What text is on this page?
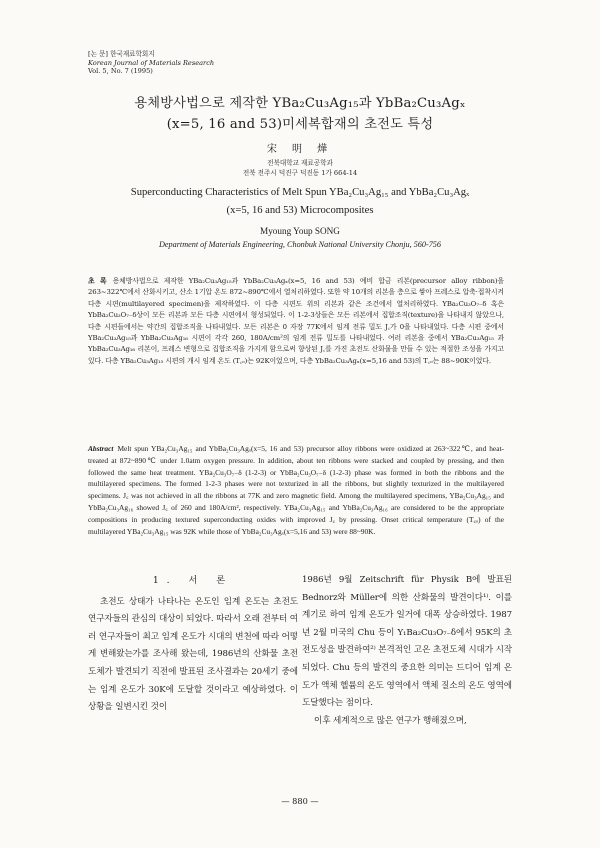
[논 문] 한국재료학회지
Korean Journal of Materials Research
Vol. 5, No. 7 (1995)
용체방사법으로 제작한 YBa₂Cu₃Ag₁₅과 YbBa₂Cu₃Agₓ
(x=5, 16 and 53)미세복합재의 초전도 특성
宋 明 燁
전북대학교 재료공학과
전북 전주시 덕진구 덕진동 1가 664-14
Superconducting Characteristics of Melt Spun YBa₂Cu₃Ag₁₅ and YbBa₂Cu₃Agₓ
(x=5, 16 and 53) Microcomposites
Myoung Youp SONG
Department of Materials Engineering, Chonbuk National University Chonju, 560-756
초 록 용체방사법으로 제작한 YBa₂Cu₃Ag₁₅과 YbBa₂Cu₃Agₓ(x=5, 16 and 53) 예비 합금 리본(precursor alloy ribbon)을 263~322℃에서 산화시키고, 산소 1기압 온도 872~890℃에서 열처리하였다. 또한 약 10개의 리본을 층으로 쌓아 프레스로 압축·접착시켜 다층 시편(multilayered specimen)을 제작하였다. 이 다층 시편도 위의 리본과 같은 조건에서 열처리하였다. YBa₂Cu₃O₇₋δ 혹은 YbBa₂Cu₃O₇₋δ상이 모든 리본과 모든 다층 시편에서 형성되었다. 이 1-2-3상들은 모든 리본에서 집합조직(texture)을 나타내지 않았으나, 다층 시편들에서는 약간의 집합조직을 나타내었다. 모든 리본은 0 자장 77K에서 임계 전류 밀도 J꜀가 0을 나타내었다. 다층 시편 중에서 YBa₂Cu₃Ag₁₅과 YbBa₂Cu₃Ag₁₆ 시편이 각각 260, 180A/cm²의 임계 전류 밀도를 나타내었다. 여러 리본을 중에서 YBa₂Cu₃Ag₁₅ 과 YbBa₂Cu₃Ag₁₆ 리본이, 프레스 변형으로 집합조직을 가지게 함으로써 향상된 J꜀를 가진 초전도 산화물을 만들 수 있는 적절한 조성을 가지고 있다. 다층 YBa₂Cu₃Ag₁₅ 시편의 개시 임계 온도 (T꜀ₒ)는 92K이었으며, 다층 YbBa₂Cu₃Agₓ(x=5,16 and 53)의 T꜀ₒ는 88~90K이었다.
Abstract Melt spun YBa₂Cu₃Ag₁₅ and YbBa₂Cu₃Agₓ(x=5, 16 and 53) precursor alloy ribbons were oxidized at 263~322℃, and heat-treated at 872~890℃ under 1.0atm oxygen pressure. In addition, about ten ribbons were stacked and coupled by pressing, and then followed the same heat treatment. YBa₂Cu₃O₇₋δ (1-2-3) or YbBa₂Cu₃O₇₋δ (1-2-3) phase was formed in both the ribbons and the multilayered specimens. The formed 1-2-3 phases were not texturized in all the ribbons, but slightly texturized in the multilayered specimens. J꜀ was not achieved in all the ribbons at 77K and zero magnetic field. Among the multilayered specimens, YBa₂Cu₃Ag₁₅ and YbBa₂Cu₃Ag₁₆ showed J꜀ of 260 and 180A/cm², respectively. YBa₂Cu₃Ag₁₅ and YbBa₂Cu₃Ag₁₆ are considered to be the appropriate compositions in producing textured superconducting oxides with improved J꜀ by pressing. Onset critical temperature (T꜀ₒ) of the multilayered YBa₂Cu₃Ag₁₅ was 92K while those of YbBa₂Cu₃Agₓ(x=5,16 and 53) were 88~90K.
1. 서 론

초전도 상태가 나타나는 온도인 임계 온도는 초전도 연구자들의 관심의 대상이 되었다. 따라서 오래 전부터 여러 연구자들이 최고 임계 온도가 시대의 변천에 따라 어떻게 변해왔는가를 조사해 왔는데, 1986년의 산화물 초전도체가 발견되기 직전에 발표된 조사결과는 20세기 중에는 임계 온도가 30K에 도달할 것이라고 예상하였다. 이 상황을 일변시킨 것이

1986년 9월 Zeitschrift für Physik B에 발표된 Bednorz와 Müller에 의한 산화물의 발견이다¹⁾. 이를 계기로 하여 임계 온도가 일거에 대폭 상승하였다. 1987년 2월 미국의 Chu 등이 Y₁Ba₂Cu₃O₇₋δ에서 95K의 초전도성을 발견하여²⁾ 본격적인 고온 초전도체 시대가 시작되었다. Chu 등의 발견의 중요한 의미는 드디어 임계 온도가 액체 헬륨의 온도 영역에서 액체 질소의 온도 영역에 도달했다는 점이다.

이후 세계적으로 많은 연구가 행해졌으며,

— 880 —
